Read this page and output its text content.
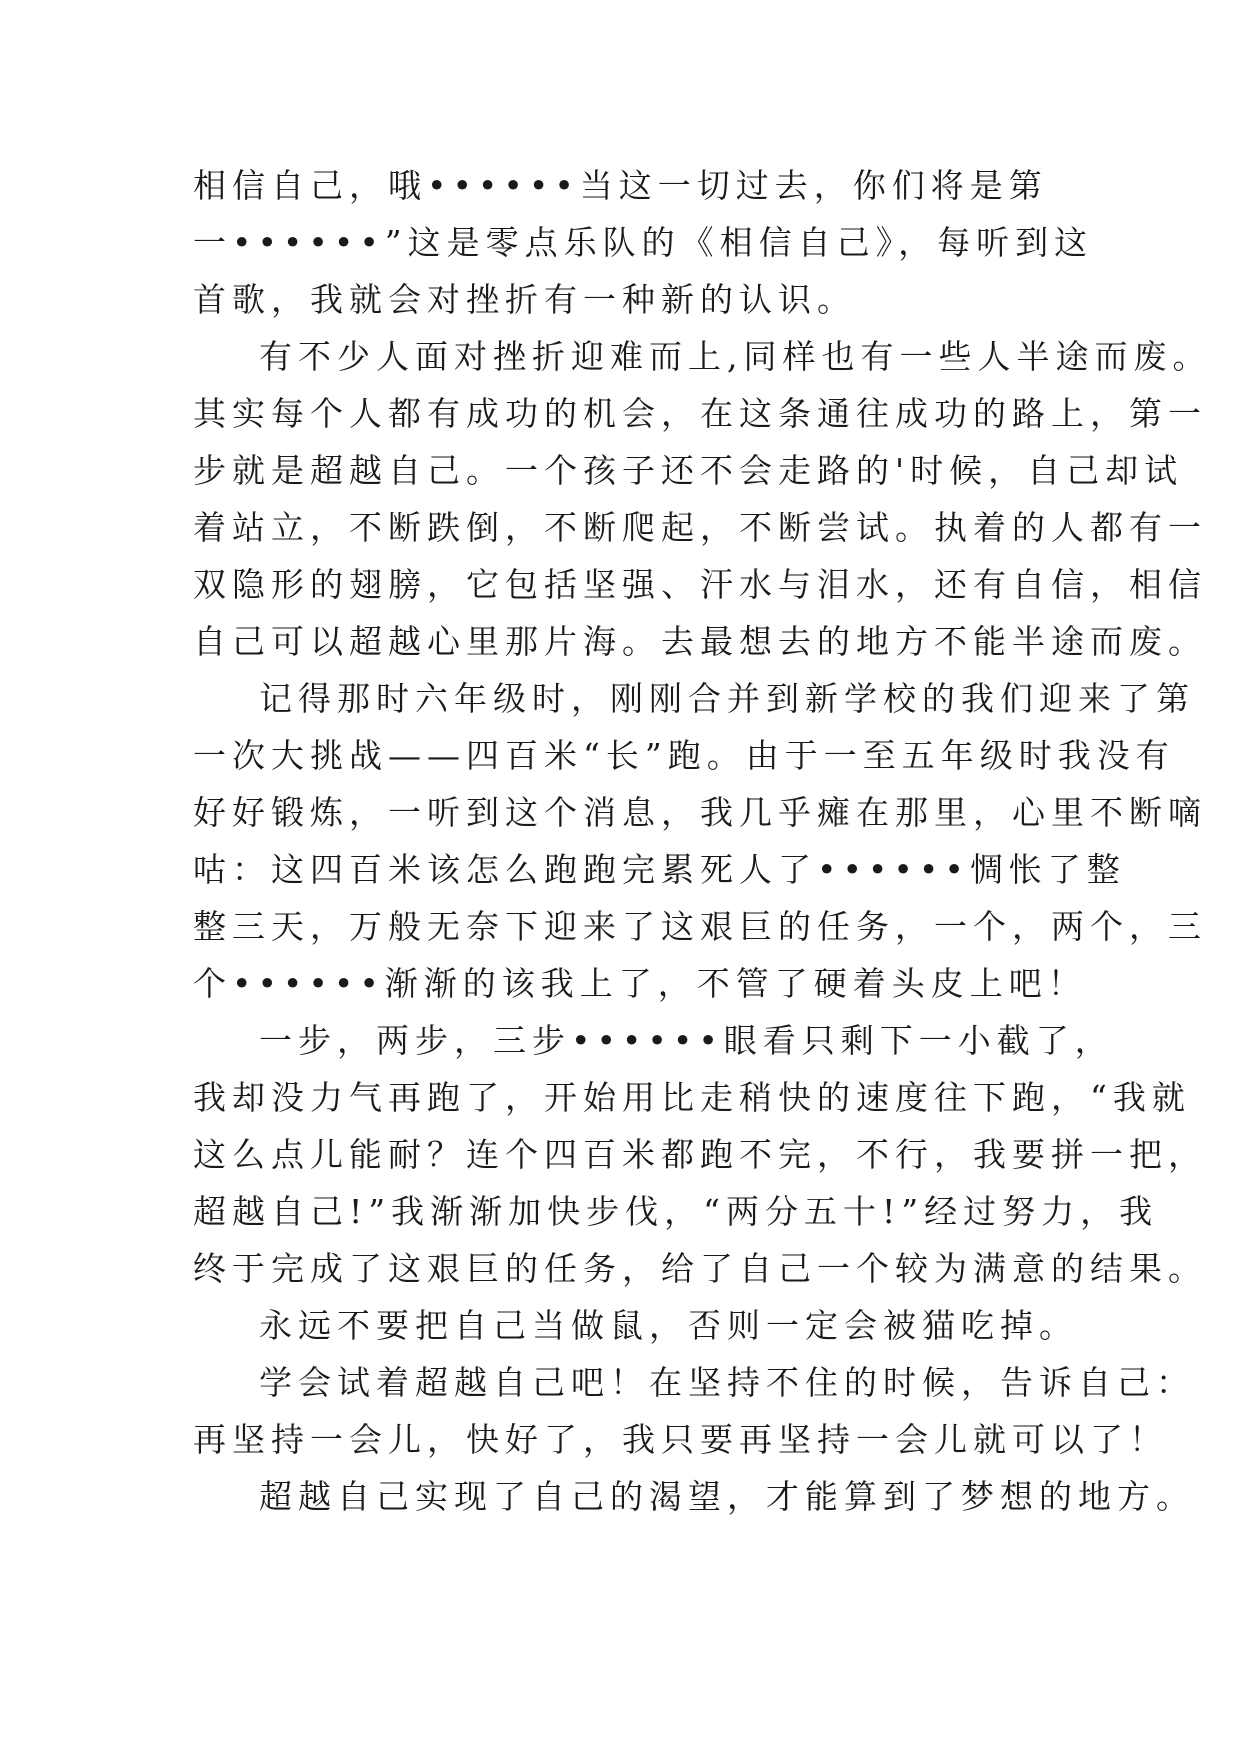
相信自己，哦••••••当这一切过去，你们将是第
一••••••”这是零点乐队的《相信自己》，每听到这
首歌，我就会对挫折有一种新的认识。
有不少人面对挫折迎难而上,同样也有一些人半途而废。
其实每个人都有成功的机会，在这条通往成功的路上，第一
步就是超越自己。一个孩子还不会走路的'时候，自己却试
着站立，不断跌倒，不断爬起，不断尝试。执着的人都有一
双隐形的翅膀，它包括坚强、汗水与泪水，还有自信，相信
自己可以超越心里那片海。去最想去的地方不能半途而废。
记得那时六年级时，刚刚合并到新学校的我们迎来了第
一次大挑战——四百米“长”跑。由于一至五年级时我没有
好好锻炼，一听到这个消息，我几乎瘫在那里，心里不断嘀
咕：这四百米该怎么跑跑完累死人了••••••惆怅了整
整三天，万般无奈下迎来了这艰巨的任务，一个，两个，三
个••••••渐渐的该我上了，不管了硬着头皮上吧！
一步，两步，三步••••••眼看只剩下一小截了，
我却没力气再跑了，开始用比走稍快的速度往下跑，“我就
这么点儿能耐？连个四百米都跑不完，不行，我要拼一把，
超越自己!”我渐渐加快步伐，“两分五十!”经过努力，我
终于完成了这艰巨的任务，给了自己一个较为满意的结果。
永远不要把自己当做鼠，否则一定会被猫吃掉。
学会试着超越自己吧！在坚持不住的时候，告诉自己：
再坚持一会儿，快好了，我只要再坚持一会儿就可以了！
超越自己实现了自己的渴望，才能算到了梦想的地方。
